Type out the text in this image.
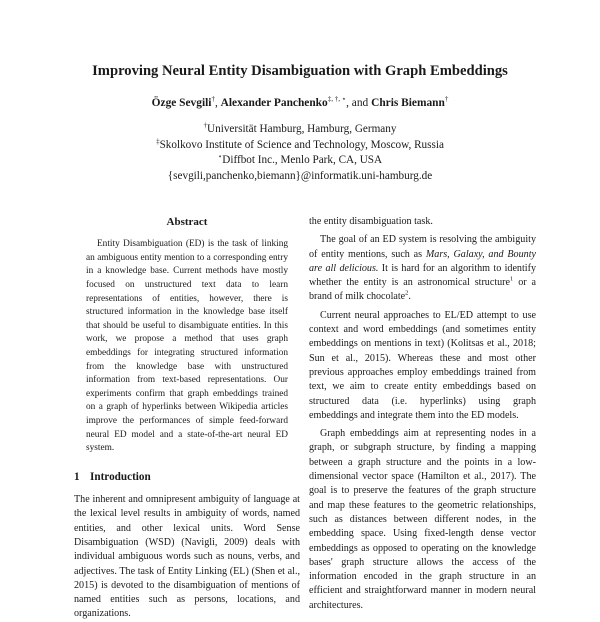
Improving Neural Entity Disambiguation with Graph Embeddings
Özge Sevgili†, Alexander Panchenko‡, †, ⋆, and Chris Biemann†
†Universität Hamburg, Hamburg, Germany
‡Skolkovo Institute of Science and Technology, Moscow, Russia
⋆Diffbot Inc., Menlo Park, CA, USA
{sevgili,panchenko,biemann}@informatik.uni-hamburg.de
Abstract

Entity Disambiguation (ED) is the task of linking an ambiguous entity mention to a corresponding entry in a knowledge base. Current methods have mostly focused on unstructured text data to learn representations of entities, however, there is structured information in the knowledge base itself that should be useful to disambiguate entities. In this work, we propose a method that uses graph embeddings for integrating structured information from the knowledge base with unstructured information from text-based representations. Our experiments confirm that graph embeddings trained on a graph of hyperlinks between Wikipedia articles improve the performances of simple feed-forward neural ED model and a state-of-the-art neural ED system.

1 Introduction

The inherent and omnipresent ambiguity of language at the lexical level results in ambiguity of words, named entities, and other lexical units. Word Sense Disambiguation (WSD) (Navigli, 2009) deals with individual ambiguous words such as nouns, verbs, and adjectives. The task of Entity Linking (EL) (Shen et al., 2015) is devoted to the disambiguation of mentions of named entities such as persons, locations, and organizations.

the entity disambiguation task.

The goal of an ED system is resolving the ambiguity of entity mentions, such as Mars, Galaxy, and Bounty are all delicious. It is hard for an algorithm to identify whether the entity is an astronomical structure$^1$ or a brand of milk chocolate$^2$.

Current neural approaches to EL/ED attempt to use context and word embeddings (and sometimes entity embeddings on mentions in text) (Kolitsas et al., 2018; Sun et al., 2015). Whereas these and most other previous approaches employ embeddings trained from text, we aim to create entity embeddings based on structured data (i.e. hyperlinks) using graph embeddings and integrate them into the ED models.

Graph embeddings aim at representing nodes in a graph, or subgraph structure, by finding a mapping between a graph structure and the points in a low-dimensional vector space (Hamilton et al., 2017). The goal is to preserve the features of the graph structure and map these features to the geometric relationships, such as distances between different nodes, in the embedding space. Using fixed-length dense vector embeddings as opposed to operating on the knowledge bases' graph structure allows the access of the information encoded in the graph structure in an efficient and straightforward manner in modern neural architectures.
